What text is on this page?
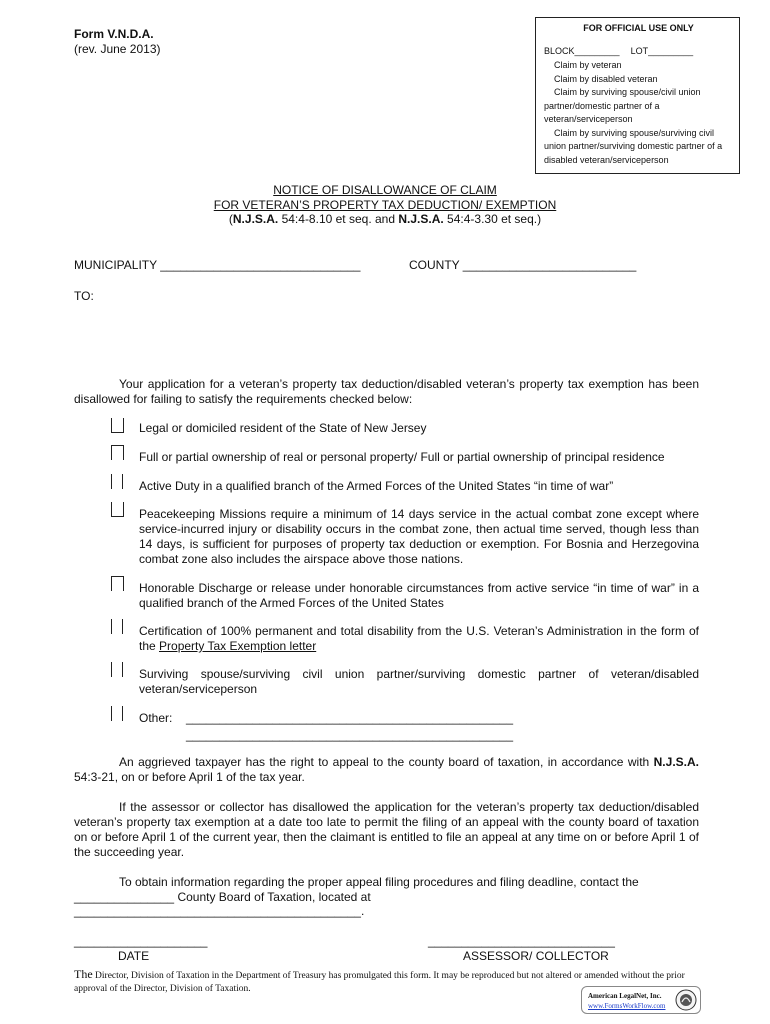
Form V.N.D.A.
(rev. June 2013)
FOR OFFICIAL USE ONLY
BLOCK_________ LOT_________
Claim by veteran
Claim by disabled veteran
Claim by surviving spouse/civil union partner/domestic partner of a veteran/serviceperson
Claim by surviving spouse/surviving civil union partner/surviving domestic partner of a disabled veteran/serviceperson
NOTICE OF DISALLOWANCE OF CLAIM
FOR VETERAN’S PROPERTY TAX DEDUCTION/ EXEMPTION
(N.J.S.A. 54:4-8.10 et seq. and N.J.S.A. 54:4-3.30 et seq.)
MUNICIPALITY ______________________________	COUNTY __________________________
TO:
Your application for a veteran’s property tax deduction/disabled veteran’s property tax exemption has been disallowed for failing to satisfy the requirements checked below:
Legal or domiciled resident of the State of New Jersey
Full or partial ownership of real or personal property/ Full or partial ownership of principal residence
Active Duty in a qualified branch of the Armed Forces of the United States “in time of war”
Peacekeeping Missions require a minimum of 14 days service in the actual combat zone except where service-incurred injury or disability occurs in the combat zone, then actual time served, though less than 14 days, is sufficient for purposes of property tax deduction or exemption. For Bosnia and Herzegovina combat zone also includes the airspace above those nations.
Honorable Discharge or release under honorable circumstances from active service “in time of war” in a qualified branch of the Armed Forces of the United States
Certification of 100% permanent and total disability from the U.S. Veteran’s Administration in the form of the Property Tax Exemption letter
Surviving spouse/surviving civil union partner/surviving domestic partner of veteran/disabled veteran/serviceperson
Other:	_________________________________________________
_________________________________________________
An aggrieved taxpayer has the right to appeal to the county board of taxation, in accordance with N.J.S.A. 54:3-21, on or before April 1 of the tax year.
If the assessor or collector has disallowed the application for the veteran’s property tax deduction/disabled veteran’s property tax exemption at a date too late to permit the filing of an appeal with the county board of taxation on or before April 1 of the current year, then the claimant is entitled to file an appeal at any time on or before April 1 of the succeeding year.
To obtain information regarding the proper appeal filing procedures and filing deadline, contact the
_______________ County Board of Taxation, located at
___________________________________________.
____________________
DATE
____________________________
ASSESSOR/ COLLECTOR
The Director, Division of Taxation in the Department of Treasury has promulgated this form. It may be reproduced but not altered or amended without the prior approval of the Director, Division of Taxation.
American LegalNet, Inc.
www.FormsWorkFlow.com
